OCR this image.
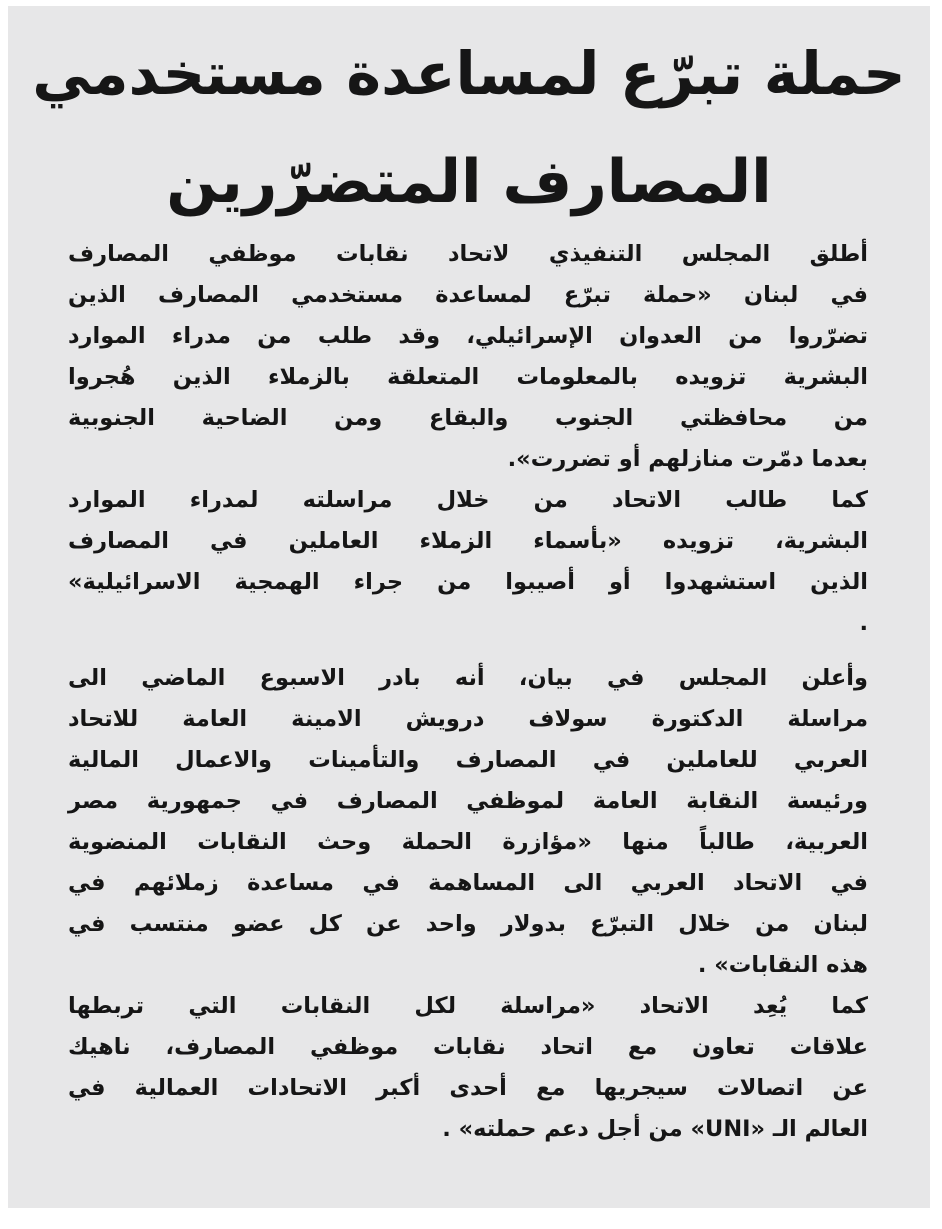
حملة تبرّع لمساعدة مستخدمي
المصارف المتضرّرين

أطلق المجلس التنفيذي لاتحاد نقابات موظفي المصارف
في لبنان «حملة تبرّع لمساعدة مستخدمي المصارف الذين
تضرّروا من العدوان الإسرائيلي، وقد طلب من مدراء الموارد
البشرية تزويده بالمعلومات المتعلقة بالزملاء الذين هُجروا
من محافظتي الجنوب والبقاع ومن الضاحية الجنوبية
بعدما دمّرت منازلهم أو تضررت».

كما طالب الاتحاد من خلال مراسلته لمدراء الموارد
البشرية، تزويده «بأسماء الزملاء العاملين في المصارف
الذين استشهدوا أو أصيبوا من جراء الهمجية الاسرائيلية»
.

وأعلن المجلس في بيان، أنه بادر الاسبوع الماضي الى
مراسلة الدكتورة سولاف درويش الامينة العامة للاتحاد
العربي للعاملين في المصارف والتأمينات والاعمال المالية
ورئيسة النقابة العامة لموظفي المصارف في جمهورية مصر
العربية، طالباً منها «مؤازرة الحملة وحث النقابات المنضوية
في الاتحاد العربي الى المساهمة في مساعدة زملائهم في
لبنان من خلال التبرّع بدولار واحد عن كل عضو منتسب في
هذه النقابات» .

كما يُعِد الاتحاد «مراسلة لكل النقابات التي تربطها
علاقات تعاون مع اتحاد نقابات موظفي المصارف، ناهيك
عن اتصالات سيجريها مع أحدى أكبر الاتحادات العمالية في
العالم الـ «UNI» من أجل دعم حملته» .
